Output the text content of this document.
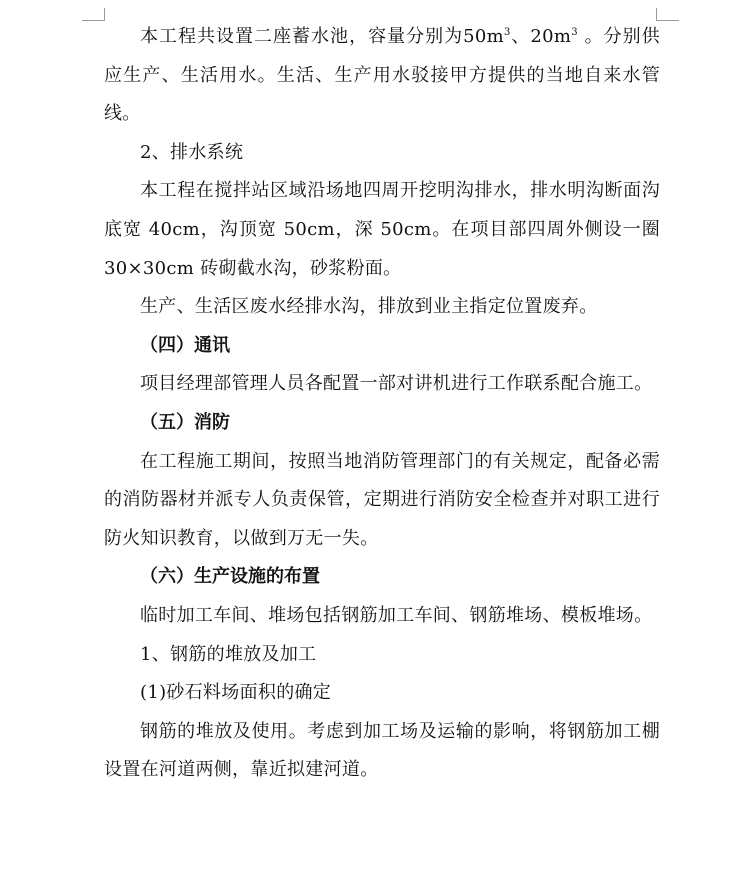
本工程共设置二座蓄水池，容量分别为$50m^3$、$20m^3$ 。分别供应生产、生活用水。生活、生产用水驳接甲方提供的当地自来水管线。

2、排水系统

本工程在搅拌站区域沿场地四周开挖明沟排水，排水明沟断面沟底宽 40cm，沟顶宽 50cm，深 50cm。在项目部四周外侧设一圈 30×30cm 砖砌截水沟，砂浆粉面。

生产、生活区废水经排水沟，排放到业主指定位置废弃。

（四）通讯

项目经理部管理人员各配置一部对讲机进行工作联系配合施工。

（五）消防

在工程施工期间，按照当地消防管理部门的有关规定，配备必需的消防器材并派专人负责保管，定期进行消防安全检查并对职工进行防火知识教育，以做到万无一失。

（六）生产设施的布置

临时加工车间、堆场包括钢筋加工车间、钢筋堆场、模板堆场。

1、钢筋的堆放及加工

(1)砂石料场面积的确定

钢筋的堆放及使用。考虑到加工场及运输的影响，将钢筋加工棚设置在河道两侧，靠近拟建河道。
